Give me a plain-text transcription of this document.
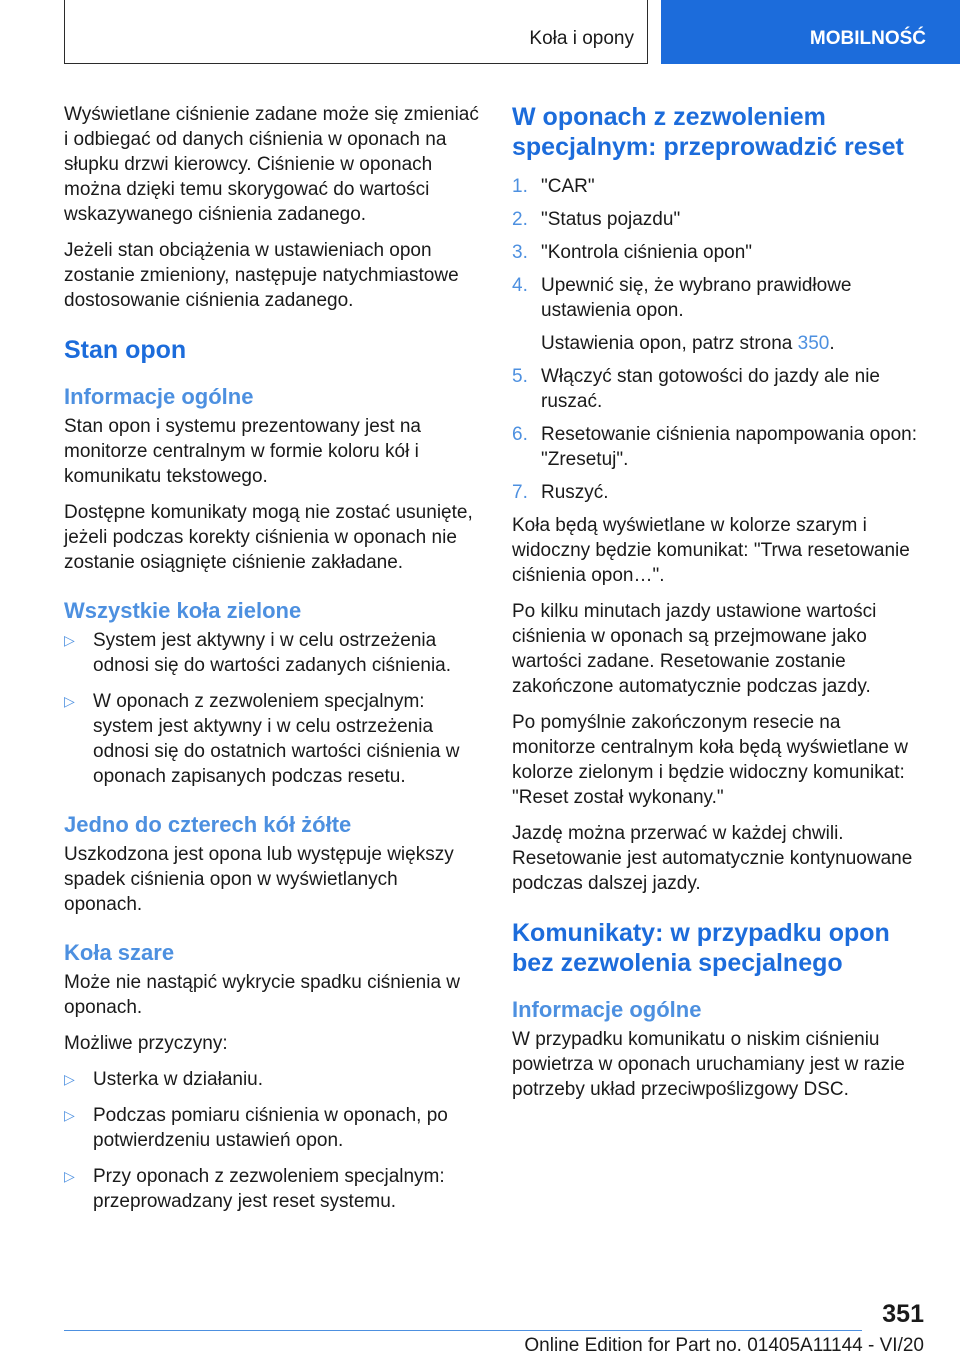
Koła i opony	MOBILNOŚĆ

Wyświetlane ciśnienie zadane może się zmieniać i odbiegać od danych ciśnienia w oponach na słupku drzwi kierowcy. Ciśnienie w oponach można dzięki temu skorygować do wartości wskazywanego ciśnienia zadanego.

Jeżeli stan obciążenia w ustawieniach opon zostanie zmieniony, następuje natychmiastowe dostosowanie ciśnienia zadanego.

Stan opon
Informacje ogólne

Stan opon i systemu prezentowany jest na monitorze centralnym w formie koloru kół i komunikatu tekstowego.

Dostępne komunikaty mogą nie zostać usunięte, jeżeli podczas korekty ciśnienia w oponach nie zostanie osiągnięte ciśnienie zakładane.

Wszystkie koła zielone
▷ System jest aktywny i w celu ostrzeżenia odnosi się do wartości zadanych ciśnienia.
▷ W oponach z zezwoleniem specjalnym: system jest aktywny i w celu ostrzeżenia odnosi się do ostatnich wartości ciśnienia w oponach zapisanych podczas resetu.
Jedno do czterech kół żółte

Uszkodzona jest opona lub występuje większy spadek ciśnienia opon w wyświetlanych oponach.

Koła szare

Może nie nastąpić wykrycie spadku ciśnienia w oponach.

Możliwe przyczyny:

▷ Usterka w działaniu.
▷ Podczas pomiaru ciśnienia w oponach, po potwierdzeniu ustawień opon.
▷ Przy oponach z zezwoleniem specjalnym: przeprowadzany jest reset systemu.
W oponach z zezwoleniem specjalnym: przeprowadzić reset
1. "CAR"
2. "Status pojazdu"
3. "Kontrola ciśnienia opon"
4. Upewnić się, że wybrano prawidłowe ustawienia opon.
Ustawienia opon, patrz strona 350.
5. Włączyć stan gotowości do jazdy ale nie ruszać.
6. Resetowanie ciśnienia napompowania opon: "Zresetuj".
7. Ruszyć.

Koła będą wyświetlane w kolorze szarym i widoczny będzie komunikat: "Trwa resetowanie ciśnienia opon…".

Po kilku minutach jazdy ustawione wartości ciśnienia w oponach są przejmowane jako wartości zadane. Resetowanie zostanie zakończone automatycznie podczas jazdy.

Po pomyślnie zakończonym resecie na monitorze centralnym koła będą wyświetlane w kolorze zielonym i będzie widoczny komunikat: "Reset został wykonany."

Jazdę można przerwać w każdej chwili. Resetowanie jest automatycznie kontynuowane podczas dalszej jazdy.

Komunikaty: w przypadku opon bez zezwolenia specjalnego
Informacje ogólne

W przypadku komunikatu o niskim ciśnieniu powietrza w oponach uruchamiany jest w razie potrzeby układ przeciwpoślizgowy DSC.

351
Online Edition for Part no. 01405A11144 - VI/20
